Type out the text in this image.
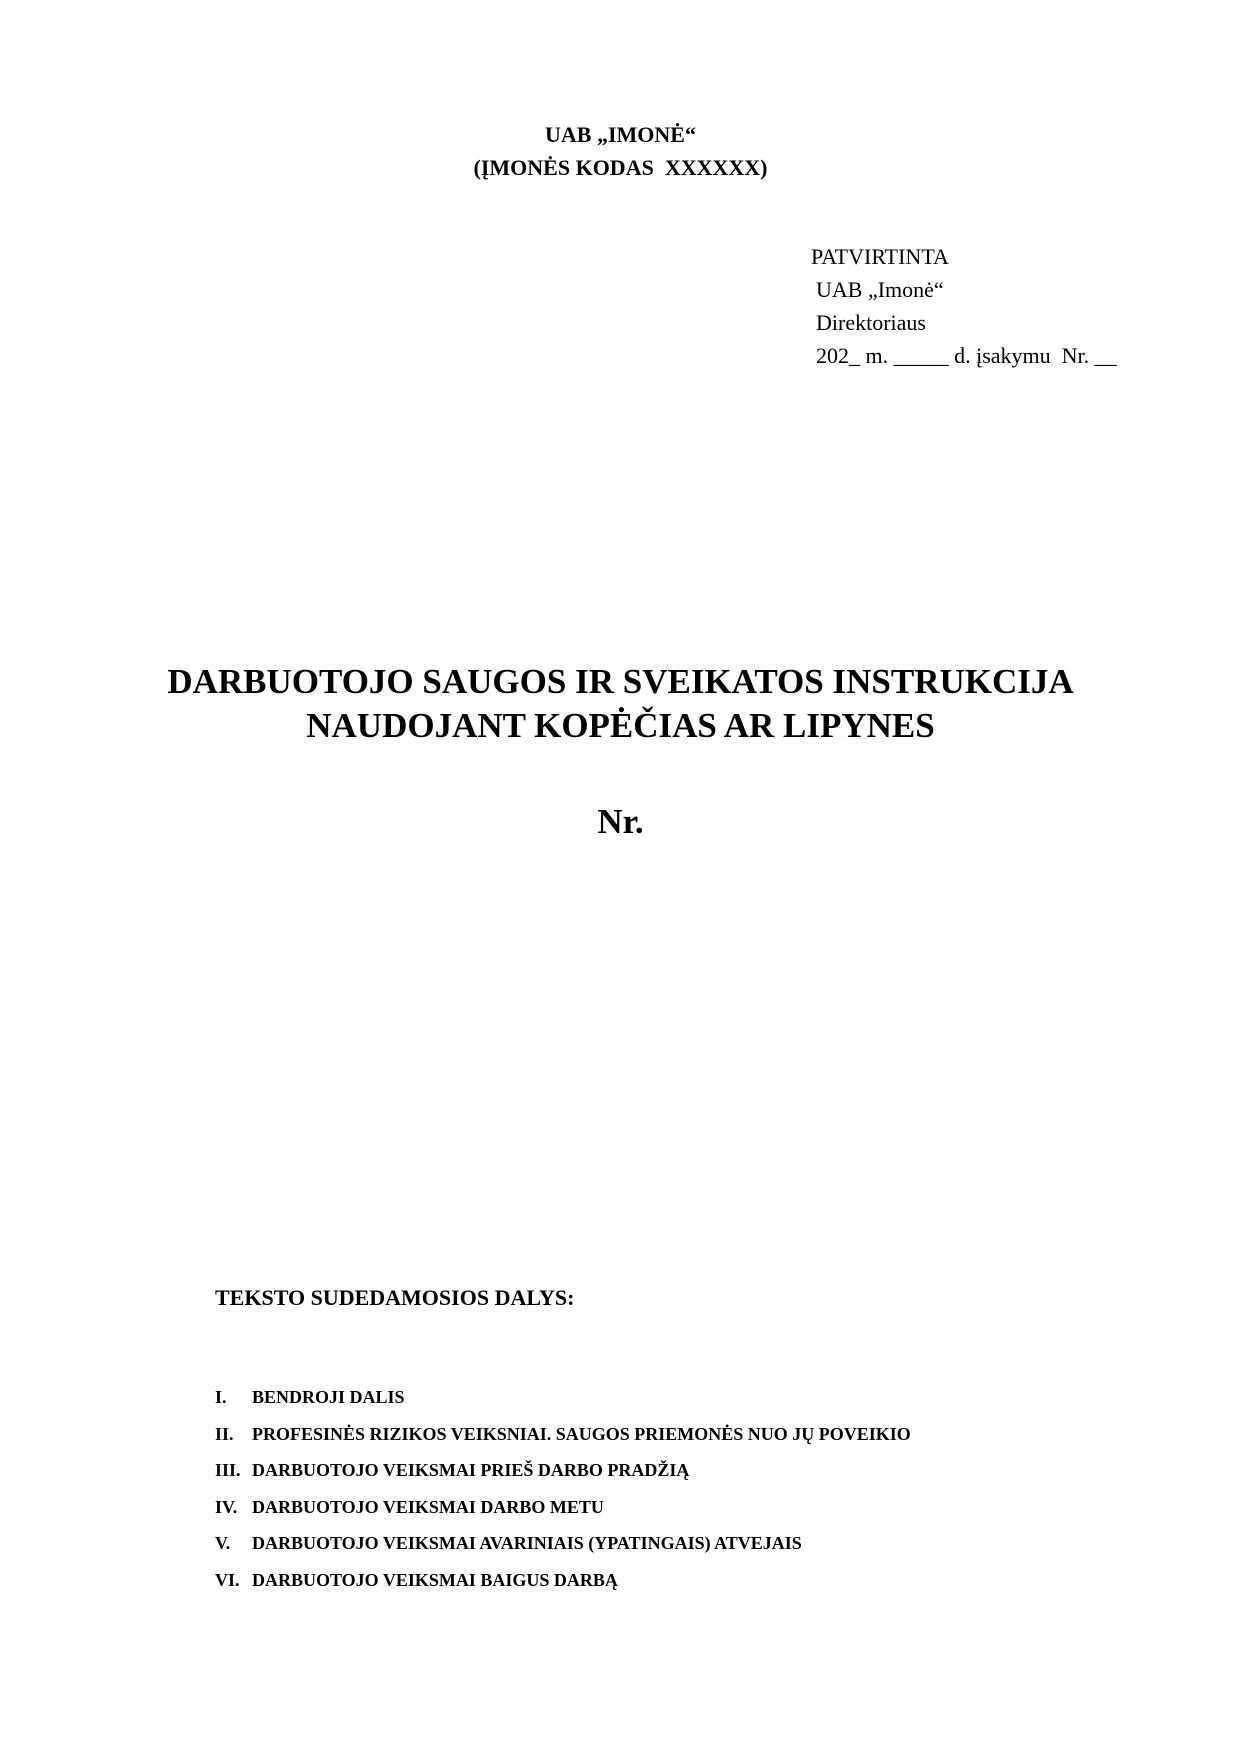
UAB „IMONĖ“
(ĮMONĖS KODAS  XXXXXX)
PATVIRTINTA
UAB „Imonė“
Direktoriaus
202_ m. _____ d. įsakymu  Nr. __
DARBUOTOJO SAUGOS IR SVEIKATOS INSTRUKCIJA
NAUDOJANT KOPĖČIAS AR LIPYNES
Nr.
TEKSTO SUDEDAMOSIOS DALYS:
I. BENDROJI DALIS
II. PROFESINĖS RIZIKOS VEIKSNIAI. SAUGOS PRIEMONĖS NUO JŲ POVEIKIO
III. DARBUOTOJO VEIKSMAI PRIEŠ DARBO PRADŽIĄ
IV. DARBUOTOJO VEIKSMAI DARBO METU
V. DARBUOTOJO VEIKSMAI AVARINIAIS (YPATINGAIS) ATVEJAIS
VI. DARBUOTOJO VEIKSMAI BAIGUS DARBĄ
